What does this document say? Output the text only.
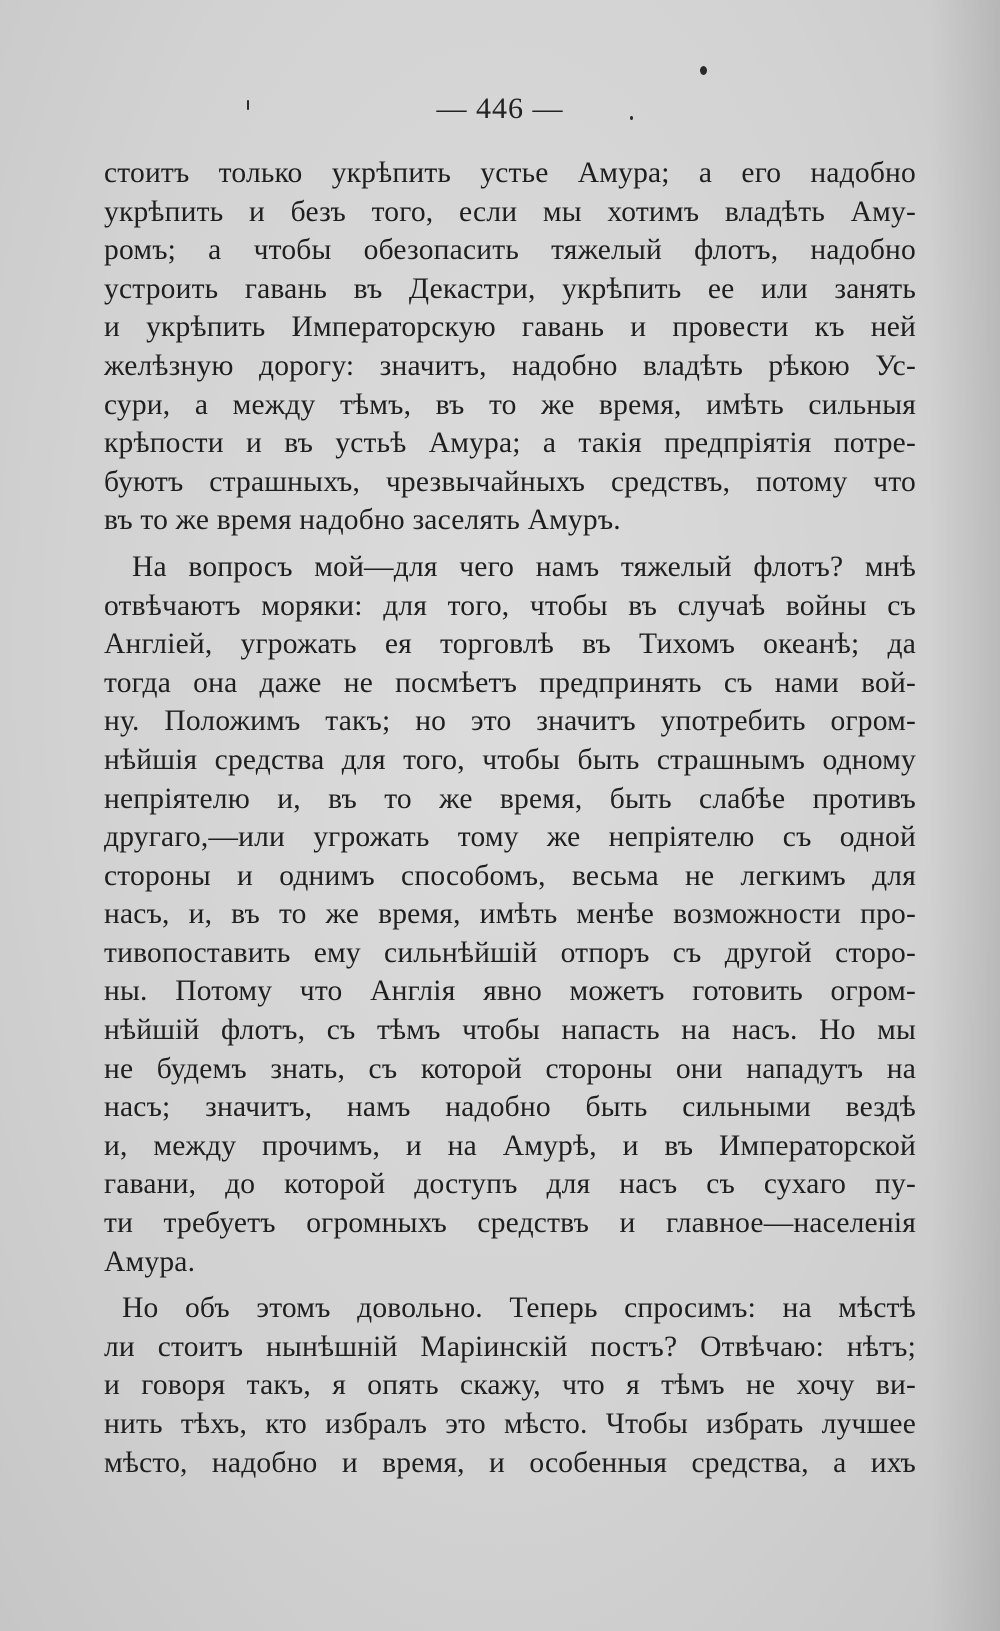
— 446 —
стоитъ только укрѣпить устье Амура; а его надобно
укрѣпить и безъ того, если мы хотимъ владѣть Аму-
ромъ; а чтобы обезопасить тяжелый флотъ, надобно
устроить гавань въ Декастри, укрѣпить ее или занять
и укрѣпить Императорскую гавань и провести къ ней
желѣзную дорогу: значитъ, надобно владѣть рѣкою Ус-
сури, а между тѣмъ, въ то же время, имѣть сильныя
крѣпости и въ устьѣ Амура; а такія предпріятія потре-
буютъ страшныхъ, чрезвычайныхъ средствъ, потому что
въ то же время надобно заселять Амуръ.
На вопросъ мой—для чего намъ тяжелый флотъ? мнѣ
отвѣчаютъ моряки: для того, чтобы въ случаѣ войны съ
Англіей, угрожать ея торговлѣ въ Тихомъ океанѣ; да
тогда она даже не посмѣетъ предпринять съ нами вой-
ну. Положимъ такъ; но это значитъ употребить огром-
нѣйшія средства для того, чтобы быть страшнымъ одному
непріятелю и, въ то же время, быть слабѣе противъ
другаго,—или угрожать тому же непріятелю съ одной
стороны и однимъ способомъ, весьма не легкимъ для
насъ, и, въ то же время, имѣть менѣе возможности про-
тивопоставить ему сильнѣйшій отпоръ съ другой сторо-
ны. Потому что Англія явно можетъ готовить огром-
нѣйшій флотъ, съ тѣмъ чтобы напасть на насъ. Но мы
не будемъ знать, съ которой стороны они нападутъ на
насъ; значитъ, намъ надобно быть сильными вездѣ
и, между прочимъ, и на Амурѣ, и въ Императорской
гавани, до которой доступъ для насъ съ сухаго пу-
ти требуетъ огромныхъ средствъ и главное—населенія
Амура.
Но объ этомъ довольно. Теперь спросимъ: на мѣстѣ
ли стоитъ нынѣшній Маріинскій постъ? Отвѣчаю: нѣтъ;
и говоря такъ, я опять скажу, что я тѣмъ не хочу ви-
нить тѣхъ, кто избралъ это мѣсто. Чтобы избрать лучшее
мѣсто, надобно и время, и особенныя средства, а ихъ
